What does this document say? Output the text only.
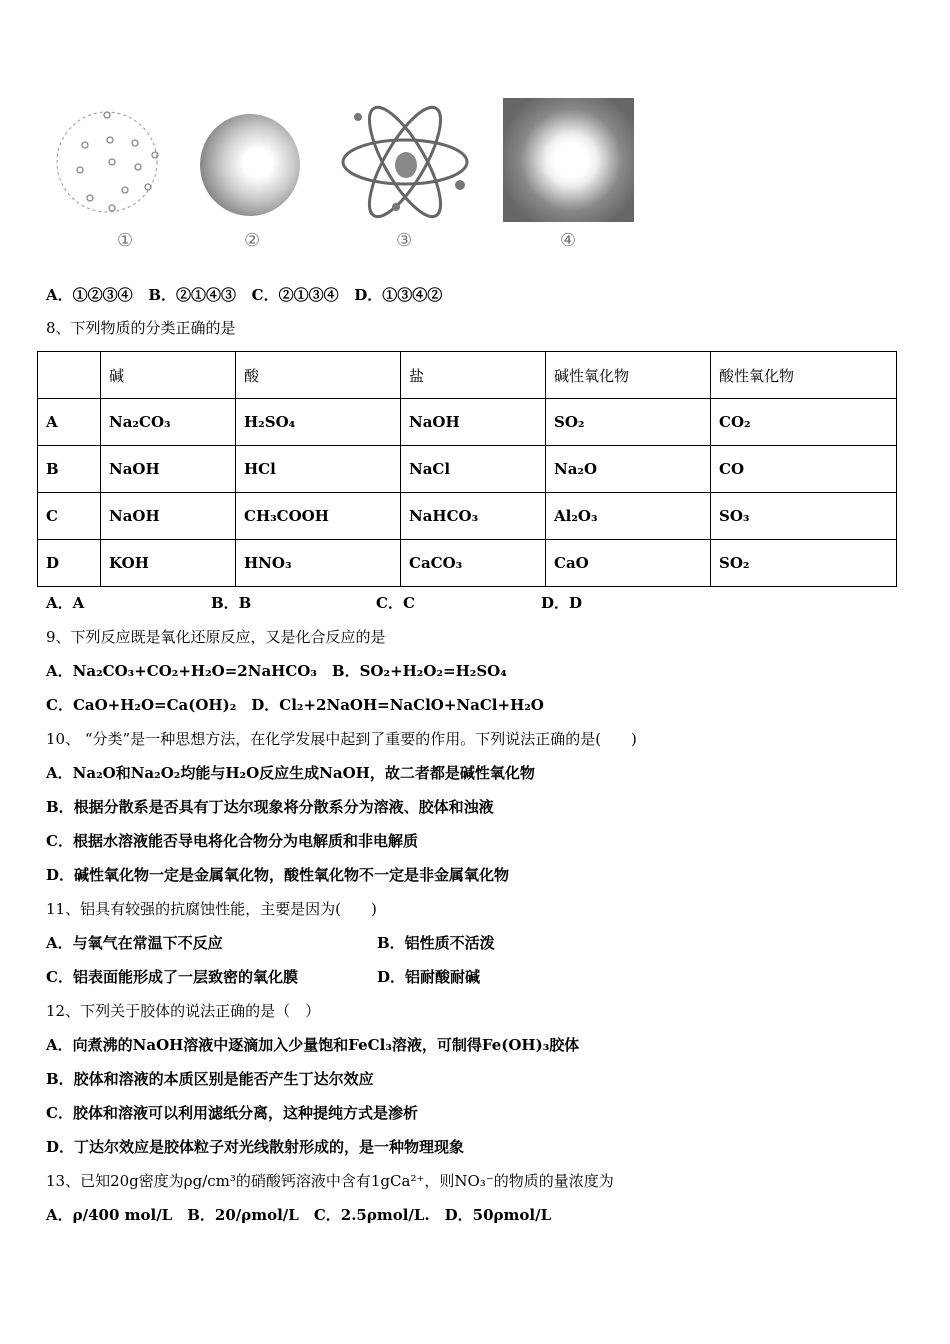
①	②	③	④
A．①②③④ B．②①④③ C．②①③④ D．①③④②
8、下列物质的分类正确的是
	碱	酸	盐	碱性氧化物	酸性氧化物
A	Na₂CO₃	H₂SO₄	NaOH	SO₂	CO₂
B	NaOH	HCl	NaCl	Na₂O	CO
C	NaOH	CH₃COOH	NaHCO₃	Al₂O₃	SO₃
D	KOH	HNO₃	CaCO₃	CaO	SO₂
A．A	B．B	C．C	D．D
9、下列反应既是氧化还原反应，又是化合反应的是
A．Na₂CO₃+CO₂+H₂O=2NaHCO₃　B．SO₂+H₂O₂=H₂SO₄
C．CaO+H₂O=Ca(OH)₂　D．Cl₂+2NaOH=NaClO+NaCl+H₂O
10、 “分类”是一种思想方法，在化学发展中起到了重要的作用。下列说法正确的是(　　)
A．Na₂O和Na₂O₂均能与H₂O反应生成NaOH，故二者都是碱性氧化物
B．根据分散系是否具有丁达尔现象将分散系分为溶液、胶体和浊液
C．根据水溶液能否导电将化合物分为电解质和非电解质
D．碱性氧化物一定是金属氧化物，酸性氧化物不一定是非金属氧化物
11、铝具有较强的抗腐蚀性能，主要是因为(　　)
A．与氧气在常温下不反应	B．铝性质不活泼
C．铝表面能形成了一层致密的氧化膜	D．铝耐酸耐碱
12、下列关于胶体的说法正确的是（　）
A．向煮沸的NaOH溶液中逐滴加入少量饱和FeCl₃溶液，可制得Fe(OH)₃胶体
B．胶体和溶液的本质区别是能否产生丁达尔效应
C．胶体和溶液可以利用滤纸分离，这种提纯方式是渗析
D．丁达尔效应是胶体粒子对光线散射形成的，是一种物理现象
13、已知20g密度为ρg/cm³的硝酸钙溶液中含有1gCa²⁺，则NO₃⁻的物质的量浓度为
A．ρ/400 mol/L　B．20/ρmol/L　C．2.5ρmol/L.　D．50ρmol/L
